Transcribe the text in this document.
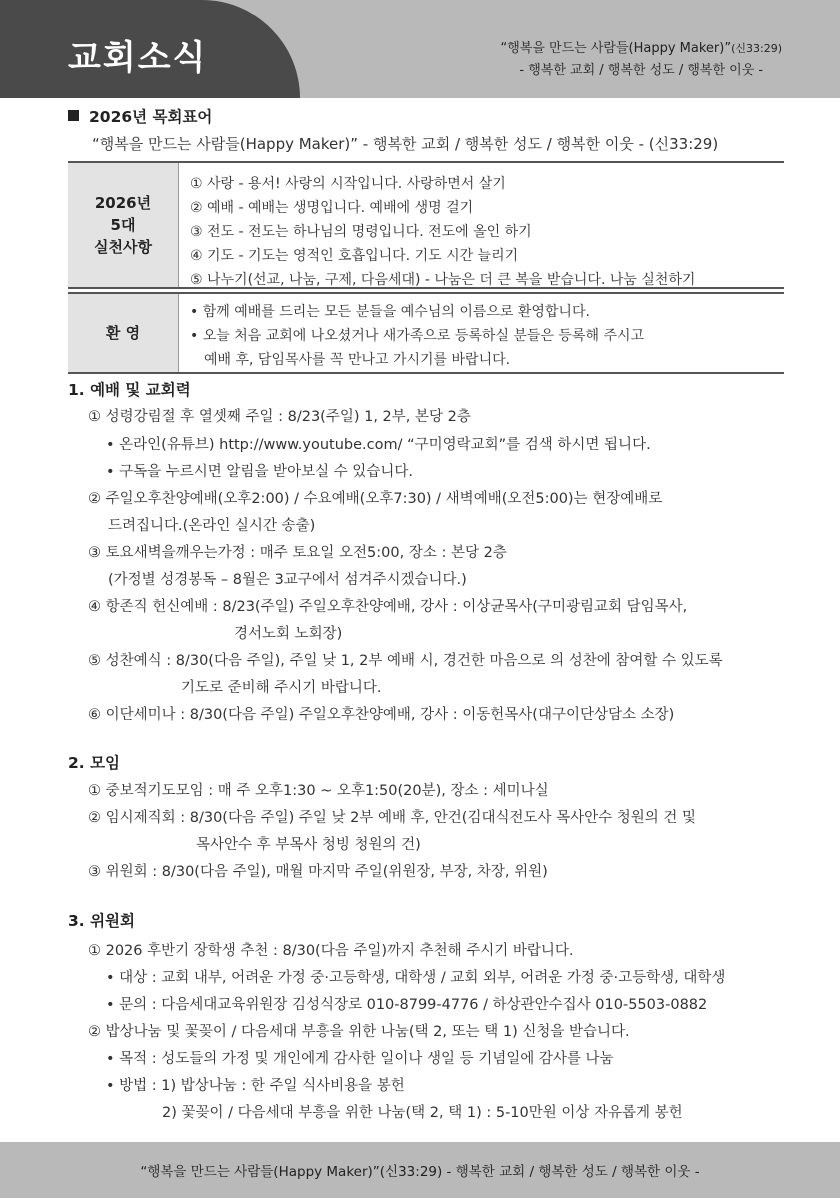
교회소식	“행복을 만드는 사람들(Happy Maker)”(신33:29)
- 행복한 교회 / 행복한 성도 / 행복한 이웃 -
2026년 목회표어
“행복을 만드는 사람들(Happy Maker)” - 행복한 교회 / 행복한 성도 / 행복한 이웃 - (신33:29)
2026년
5대
실천사항
① 사랑 - 용서! 사랑의 시작입니다. 사랑하면서 살기
② 예배 - 예배는 생명입니다. 예배에 생명 걸기
③ 전도 - 전도는 하나님의 명령입니다. 전도에 올인 하기
④ 기도 - 기도는 영적인 호흡입니다. 기도 시간 늘리기
⑤ 나누기(선교, 나눔, 구제, 다음세대) - 나눔은 더 큰 복을 받습니다. 나눔 실천하기
환 영
• 함께 예배를 드리는 모든 분들을 예수님의 이름으로 환영합니다.
• 오늘 처음 교회에 나오셨거나 새가족으로 등록하실 분들은 등록해 주시고
예배 후, 담임목사를 꼭 만나고 가시기를 바랍니다.
1. 예배 및 교회력
① 성령강림절 후 열셋째 주일 : 8/23(주일) 1, 2부, 본당 2층
• 온라인(유튜브) http://www.youtube.com/ “구미영락교회”를 검색 하시면 됩니다.
• 구독을 누르시면 알림을 받아보실 수 있습니다.
② 주일오후찬양예배(오후2:00) / 수요예배(오후7:30) / 새벽예배(오전5:00)는 현장예배로
드려집니다.(온라인 실시간 송출)
③ 토요새벽을깨우는가정 : 매주 토요일 오전5:00, 장소 : 본당 2층
(가정별 성경봉독 – 8월은 3교구에서 섬겨주시겠습니다.)
④ 항존직 헌신예배 : 8/23(주일) 주일오후찬양예배, 강사 : 이상균목사(구미광림교회 담임목사,
경서노회 노회장)
⑤ 성찬예식 : 8/30(다음 주일), 주일 낮 1, 2부 예배 시, 경건한 마음으로 의 성찬에 참여할 수 있도록
기도로 준비해 주시기 바랍니다.
⑥ 이단세미나 : 8/30(다음 주일) 주일오후찬양예배, 강사 : 이동헌목사(대구이단상담소 소장)
2. 모임
① 중보적기도모임 : 매 주 오후1:30 ~ 오후1:50(20분), 장소 : 세미나실
② 임시제직회 : 8/30(다음 주일) 주일 낮 2부 예배 후, 안건(김대식전도사 목사안수 청원의 건 및
목사안수 후 부목사 청빙 청원의 건)
③ 위원회 : 8/30(다음 주일), 매월 마지막 주일(위원장, 부장, 차장, 위원)
3. 위원회
① 2026 후반기 장학생 추천 : 8/30(다음 주일)까지 추천해 주시기 바랍니다.
• 대상 : 교회 내부, 어려운 가정 중·고등학생, 대학생 / 교회 외부, 어려운 가정 중·고등학생, 대학생
• 문의 : 다음세대교육위원장 김성식장로 010-8799-4776 / 하상관안수집사 010-5503-0882
② 밥상나눔 및 꽃꽂이 / 다음세대 부흥을 위한 나눔(택 2, 또는 택 1) 신청을 받습니다.
• 목적 : 성도들의 가정 및 개인에게 감사한 일이나 생일 등 기념일에 감사를 나눔
• 방법 : 1) 밥상나눔 : 한 주일 식사비용을 봉헌
2) 꽃꽂이 / 다음세대 부흥을 위한 나눔(택 2, 택 1) : 5-10만원 이상 자유롭게 봉헌
“행복을 만드는 사람들(Happy Maker)”(신33:29) - 행복한 교회 / 행복한 성도 / 행복한 이웃 -
